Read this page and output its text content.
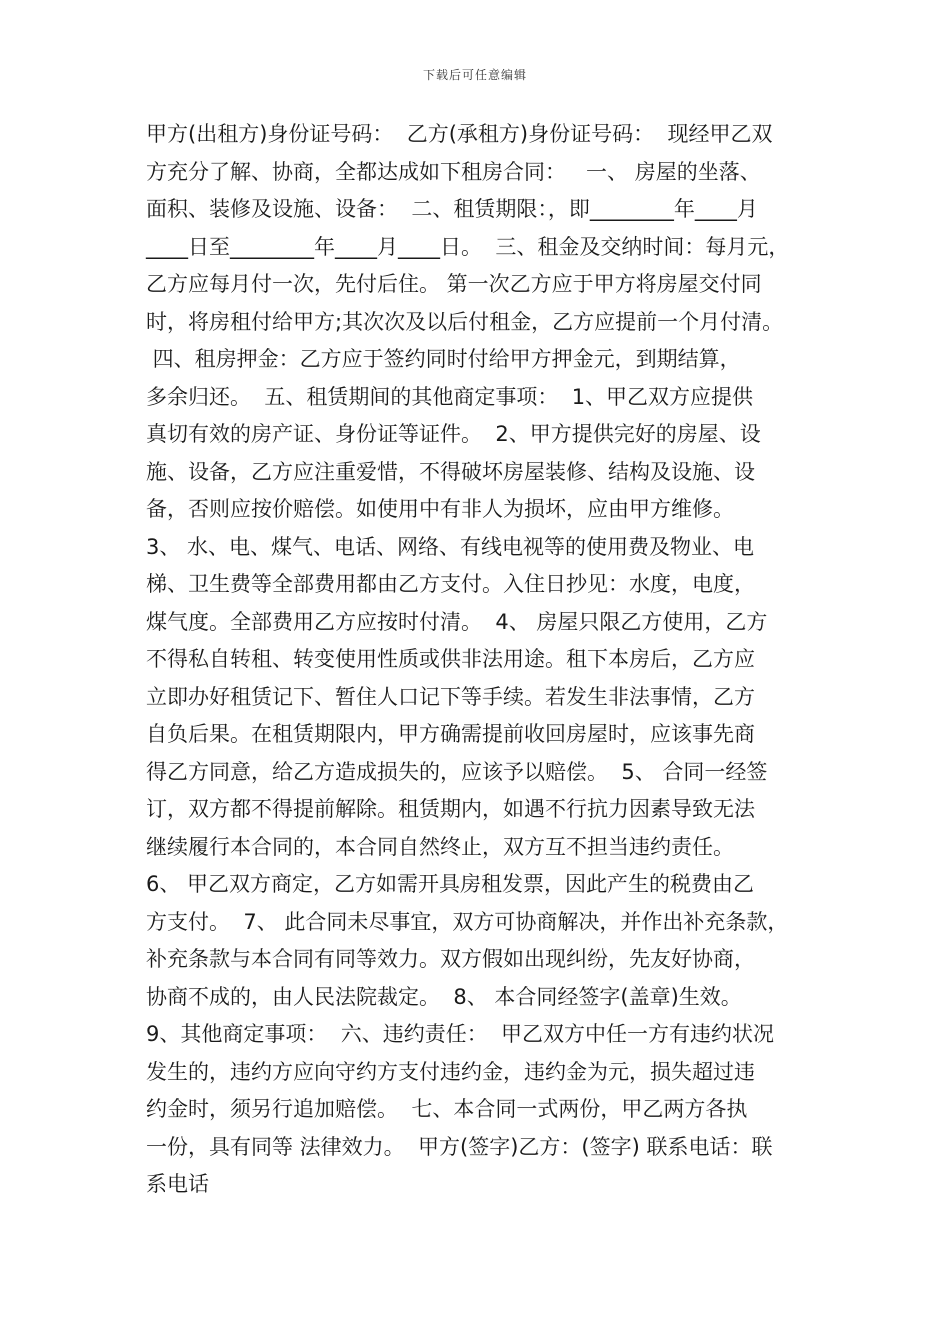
下载后可任意编辑
甲方(出租方)身份证号码：  乙方(承租方)身份证号码：  现经甲乙双
方充分了解、协商，全都达成如下租房合同：   一、 房屋的坐落、
面积、装修及设施、设备：  二、租赁期限：，即________年____月
____日至________年____月____日。  三、租金及交纳时间：每月元，
乙方应每月付一次，先付后住。 第一次乙方应于甲方将房屋交付同
时，将房租付给甲方;其次次及以后付租金，乙方应提前一个月付清。
四、租房押金：乙方应于签约同时付给甲方押金元，到期结算，
多余归还。  五、租赁期间的其他商定事项：  1、甲乙双方应提供
真切有效的房产证、身份证等证件。  2、甲方提供完好的房屋、设
施、设备，乙方应注重爱惜，不得破坏房屋装修、结构及设施、设
备，否则应按价赔偿。如使用中有非人为损坏，应由甲方维修。
3、 水、电、煤气、电话、网络、有线电视等的使用费及物业、电
梯、卫生费等全部费用都由乙方支付。入住日抄见：水度，电度，
煤气度。全部费用乙方应按时付清。  4、 房屋只限乙方使用，乙方
不得私自转租、转变使用性质或供非法用途。租下本房后，乙方应
立即办好租赁记下、暂住人口记下等手续。若发生非法事情，乙方
自负后果。在租赁期限内，甲方确需提前收回房屋时，应该事先商
得乙方同意，给乙方造成损失的，应该予以赔偿。  5、 合同一经签
订，双方都不得提前解除。租赁期内，如遇不行抗力因素导致无法
继续履行本合同的，本合同自然终止，双方互不担当违约责任。
6、 甲乙双方商定，乙方如需开具房租发票，因此产生的税费由乙
方支付。  7、 此合同未尽事宜，双方可协商解决，并作出补充条款，
补充条款与本合同有同等效力。双方假如出现纠纷，先友好协商，
协商不成的，由人民法院裁定。  8、 本合同经签字(盖章)生效。
9、其他商定事项：  六、违约责任：  甲乙双方中任一方有违约状况
发生的，违约方应向守约方支付违约金，违约金为元，损失超过违
约金时，须另行追加赔偿。  七、本合同一式两份，甲乙两方各执
一份，具有同等 法律效力。  甲方(签字)乙方：(签字) 联系电话：联
系电话
